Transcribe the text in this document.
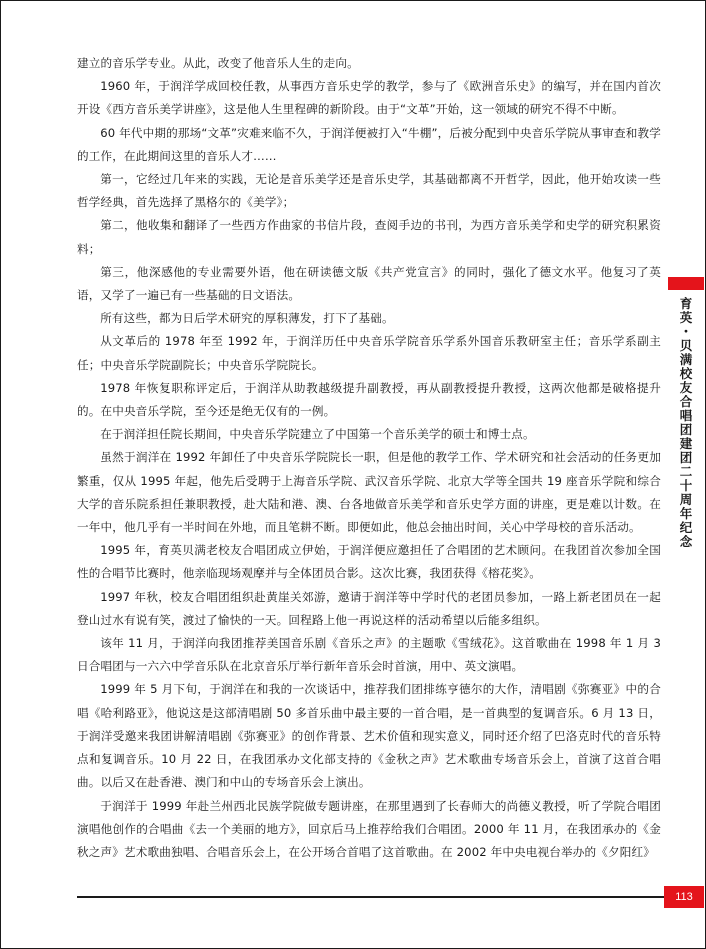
建立的音乐学专业。从此，改变了他音乐人生的走向。

1960 年，于润洋学成回校任教，从事西方音乐史学的教学，参与了《欧洲音乐史》的编写，并在国内首次开设《西方音乐美学讲座》，这是他人生里程碑的新阶段。由于“文革”开始，这一领域的研究不得不中断。

60 年代中期的那场“文革”灾难来临不久，于润洋便被打入“牛棚”，后被分配到中央音乐学院从事审查和教学的工作，在此期间这里的音乐人才……

第一，它经过几年来的实践，无论是音乐美学还是音乐史学，其基础都离不开哲学，因此，他开始攻读一些哲学经典，首先选择了黑格尔的《美学》；

第二，他收集和翻译了一些西方作曲家的书信片段，查阅手边的书刊，为西方音乐美学和史学的研究积累资料；

第三，他深感他的专业需要外语，他在研读德文版《共产党宣言》的同时，强化了德文水平。他复习了英语，又学了一遍已有一些基础的日文语法。

所有这些，都为日后学术研究的厚积薄发，打下了基础。

从文革后的 1978 年至 1992 年，于润洋历任中央音乐学院音乐学系外国音乐教研室主任；音乐学系副主任；中央音乐学院副院长；中央音乐学院院长。

1978 年恢复职称评定后，于润洋从助教越级提升副教授，再从副教授提升教授，这两次他都是破格提升的。在中央音乐学院，至今还是绝无仅有的一例。

在于润洋担任院长期间，中央音乐学院建立了中国第一个音乐美学的硕士和博士点。

虽然于润洋在 1992 年卸任了中央音乐学院院长一职，但是他的教学工作、学术研究和社会活动的任务更加繁重，仅从 1995 年起，他先后受聘于上海音乐学院、武汉音乐学院、北京大学等全国共 19 座音乐学院和综合大学的音乐院系担任兼职教授，赴大陆和港、澳、台各地做音乐美学和音乐史学方面的讲座，更是难以计数。在一年中，他几乎有一半时间在外地，而且笔耕不断。即便如此，他总会抽出时间，关心中学母校的音乐活动。

1995 年，育英贝满老校友合唱团成立伊始，于润洋便应邀担任了合唱团的艺术顾问。在我团首次参加全国性的合唱节比赛时，他亲临现场观摩并与全体团员合影。这次比赛，我团获得《榕花奖》。

1997 年秋，校友合唱团组织赴黄崖关郊游，邀请于润洋等中学时代的老团员参加，一路上新老团员在一起登山过水有说有笑，渡过了愉快的一天。回程路上他一再说这样的活动希望以后能多组织。

该年 11 月，于润洋向我团推荐美国音乐剧《音乐之声》的主题歌《雪绒花》。这首歌曲在 1998 年 1 月 3 日合唱团与一六六中学音乐队在北京音乐厅举行新年音乐会时首演，用中、英文演唱。

1999 年 5 月下旬，于润洋在和我的一次谈话中，推荐我们团排练亨德尔的大作，清唱剧《弥赛亚》中的合唱《哈利路亚》，他说这是这部清唱剧 50 多首乐曲中最主要的一首合唱，是一首典型的复调音乐。6 月 13 日，于润洋受邀来我团讲解清唱剧《弥赛亚》的创作背景、艺术价值和现实意义，同时还介绍了巴洛克时代的音乐特点和复调音乐。10 月 22 日，在我团承办文化部支持的《金秋之声》艺术歌曲专场音乐会上，首演了这首合唱曲。以后又在赴香港、澳门和中山的专场音乐会上演出。

于润洋于 1999 年赴兰州西北民族学院做专题讲座，在那里遇到了长春师大的尚德义教授，听了学院合唱团演唱他创作的合唱曲《去一个美丽的地方》，回京后马上推荐给我们合唱团。2000 年 11 月，在我团承办的《金秋之声》艺术歌曲独唱、合唱音乐会上，在公开场合首唱了这首歌曲。在 2002 年中央电视台举办的《夕阳红》

育英・贝满校友合唱团建团二十周年纪念
113
